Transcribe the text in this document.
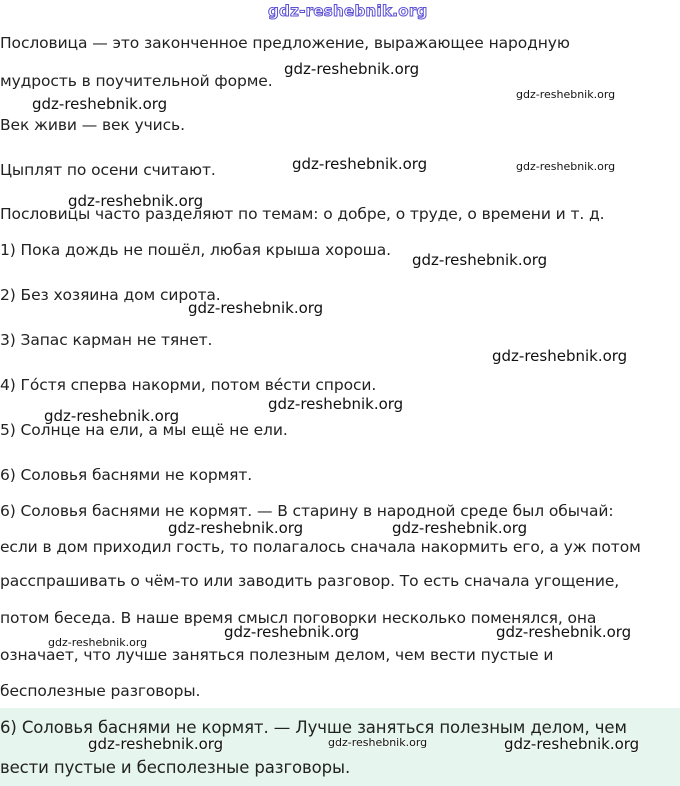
gdz-reshebnik.org

Пословица — это законченное предложение, выражающее народную

мудрость в поучительной форме.

Век живи — век учись.

Цыплят по осени считают.

Пословицы часто разделяют по темам: о добре, о труде, о времени и т. д.

1) Пока дождь не пошёл, любая крыша хороша.

2) Без хозяина дом сирота.

3) Запас карман не тянет.

4) Го́стя сперва накорми, потом ве́сти спроси.

5) Солнце на ели, а мы ещё не ели.

6) Соловья баснями не кормят.

6) Соловья баснями не кормят. — В старину в народной среде был обычай:

если в дом приходил гость, то полагалось сначала накормить его, а уж потом

расспрашивать о чём-то или заводить разговор. То есть сначала угощение,

потом беседа. В наше время смысл поговорки несколько поменялся, она

означает, что лучше заняться полезным делом, чем вести пустые и

бесполезные разговоры.

6) Соловья баснями не кормят. — Лучше заняться полезным делом, чем

вести пустые и бесполезные разговоры.

gdz-reshebnik.org
gdz-reshebnik.org
gdz-reshebnik.org
gdz-reshebnik.org	gdz-reshebnik.org
gdz-reshebnik.org
gdz-reshebnik.org
gdz-reshebnik.org
gdz-reshebnik.org
gdz-reshebnik.org
gdz-reshebnik.org
gdz-reshebnik.org	gdz-reshebnik.org
gdz-reshebnik.org	gdz-reshebnik.org
gdz-reshebnik.org
gdz-reshebnik.org	gdz-reshebnik.org	gdz-reshebnik.org
